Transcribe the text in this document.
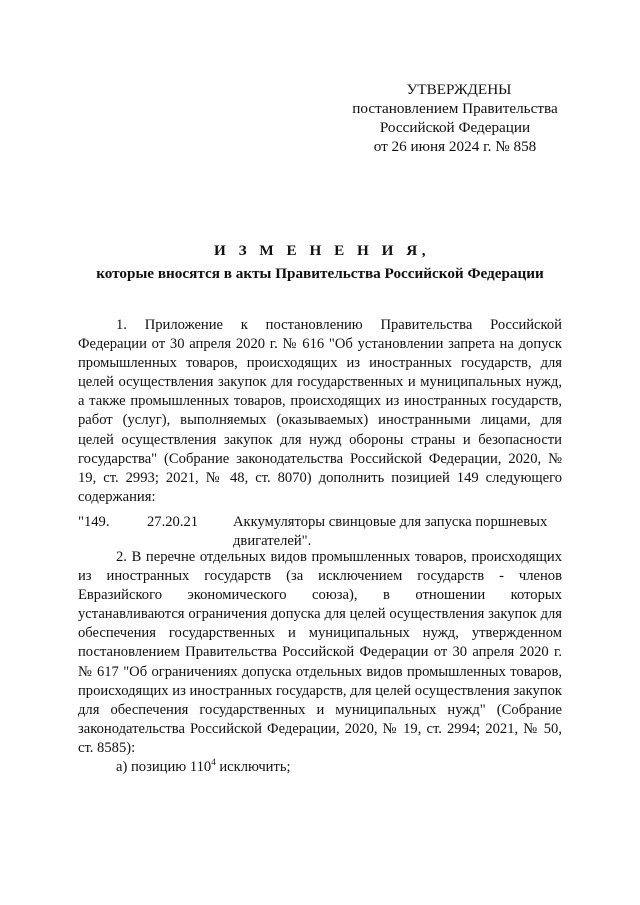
УТВЕРЖДЕНЫ
постановлением Правительства
Российской Федерации
от 26 июня 2024 г. № 858
И З М Е Н Е Н И Я,
которые вносятся в акты Правительства Российской Федерации

1. Приложение к постановлению Правительства Российской Федерации от 30 апреля 2020 г. № 616 "Об установлении запрета на допуск промышленных товаров, происходящих из иностранных государств, для целей осуществления закупок для государственных и муниципальных нужд, а также промышленных товаров, происходящих из иностранных государств, работ (услуг), выполняемых (оказываемых) иностранными лицами, для целей осуществления закупок для нужд обороны страны и безопасности государства" (Собрание законодательства Российской Федерации, 2020, № 19, ст. 2993; 2021, № 48, ст. 8070) дополнить позицией 149 следующего содержания:

"149.	27.20.21 Аккумуляторы свинцовые для запуска поршневых двигателей".

2. В перечне отдельных видов промышленных товаров, происходящих из иностранных государств (за исключением государств - членов Евразийского экономического союза), в отношении которых устанавливаются ограничения допуска для целей осуществления закупок для обеспечения государственных и муниципальных нужд, утвержденном постановлением Правительства Российской Федерации от 30 апреля 2020 г. № 617 "Об ограничениях допуска отдельных видов промышленных товаров, происходящих из иностранных государств, для целей осуществления закупок для обеспечения государственных и муниципальных нужд" (Собрание законодательства Российской Федерации, 2020, № 19, ст. 2994; 2021, № 50, ст. 8585):

а) позицию $110^4$ исключить;
